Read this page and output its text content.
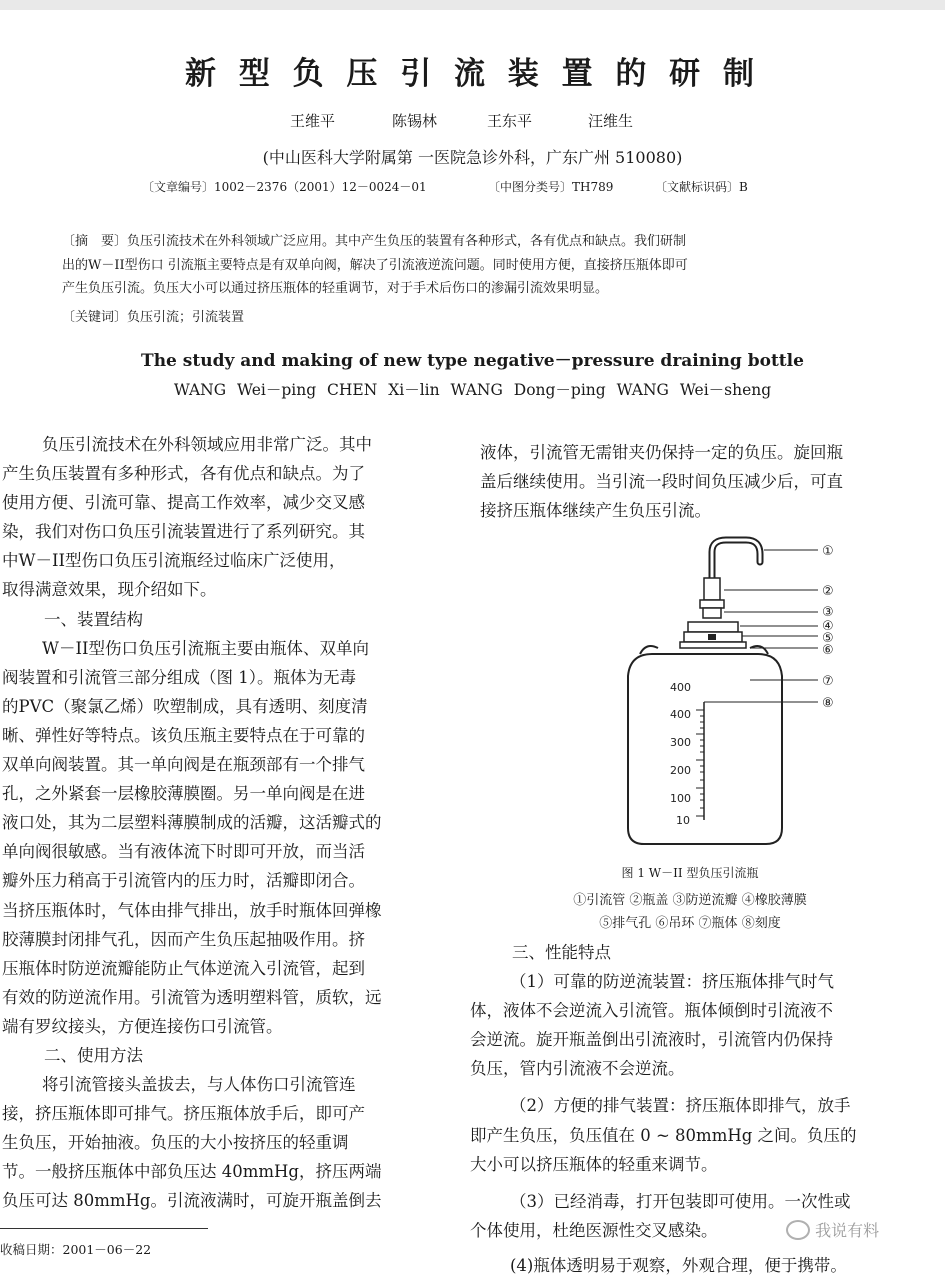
新 型 负 压 引 流 装 置 的 研 制
王维平	陈锡林	王东平	汪维生
(中山医科大学附属第 一医院急诊外科，广东广州 510080)
〔文章编号〕1002－2376（2001）12－0024－01	〔中图分类号〕TH789	〔文献标识码〕B

〔摘　要〕负压引流技术在外科领域广泛应用。其中产生负压的装置有各种形式，各有优点和缺点。我们研制

出的W－II型伤口 引流瓶主要特点是有双单向阀，解决了引流液逆流问题。同时使用方便，直接挤压瓶体即可

产生负压引流。负压大小可以通过挤压瓶体的轻重调节，对于手术后伤口的渗漏引流效果明显。

〔关键词〕负压引流；引流装置
The study and making of new type negative－pressure draining bottle
WANG Wei－ping CHEN Xi－lin WANG Dong－ping WANG Wei－sheng

负压引流技术在外科领域应用非常广泛。其中

产生负压装置有多种形式，各有优点和缺点。为了

使用方便、引流可靠、提高工作效率，减少交叉感

染，我们对伤口负压引流装置进行了系列研究。其

中W－II型伤口负压引流瓶经过临床广泛使用，

取得满意效果，现介绍如下。

一、装置结构

W－II型伤口负压引流瓶主要由瓶体、双单向

阀装置和引流管三部分组成（图 1）。瓶体为无毒

的PVC（聚氯乙烯）吹塑制成，具有透明、刻度清

晰、弹性好等特点。该负压瓶主要特点在于可靠的

双单向阀装置。其一单向阀是在瓶颈部有一个排气

孔，之外紧套一层橡胶薄膜圈。另一单向阀是在进

液口处，其为二层塑料薄膜制成的活瓣，这活瓣式的

单向阀很敏感。当有液体流下时即可开放，而当活

瓣外压力稍高于引流管内的压力时，活瓣即闭合。

当挤压瓶体时，气体由排气排出，放手时瓶体回弹橡

胶薄膜封闭排气孔，因而产生负压起抽吸作用。挤

压瓶体时防逆流瓣能防止气体逆流入引流管，起到

有效的防逆流作用。引流管为透明塑料管，质软，远

端有罗纹接头，方便连接伤口引流管。

二、使用方法

将引流管接头盖拔去，与人体伤口引流管连

接，挤压瓶体即可排气。挤压瓶体放手后，即可产

生负压，开始抽液。负压的大小按挤压的轻重调

节。一般挤压瓶体中部负压达 40mmHg，挤压两端

负压可达 80mmHg。引流液满时，可旋开瓶盖倒去

收稿日期：2001－06－22

液体，引流管无需钳夹仍保持一定的负压。旋回瓶

盖后继续使用。当引流一段时间负压减少后，可直

接挤压瓶体继续产生负压引流。

400
400
300
200
100
10
①
②
③
④
⑤
⑥
⑦
⑧
图 1 W－II 型负压引流瓶
①引流管 ②瓶盖 ③防逆流瓣 ④橡胶薄膜
⑤排气孔 ⑥吊环 ⑦瓶体 ⑧刻度

三、性能特点

（1）可靠的防逆流装置：挤压瓶体排气时气

体，液体不会逆流入引流管。瓶体倾倒时引流液不

会逆流。旋开瓶盖倒出引流液时，引流管内仍保持

负压，管内引流液不会逆流。

（2）方便的排气装置：挤压瓶体即排气，放手

即产生负压，负压值在 0 ~ 80mmHg 之间。负压的

大小可以挤压瓶体的轻重来调节。

（3）已经消毒，打开包装即可使用。一次性或

个体使用，杜绝医源性交叉感染。

(4)瓶体透明易于观察，外观合理，便于携带。

我说有料
